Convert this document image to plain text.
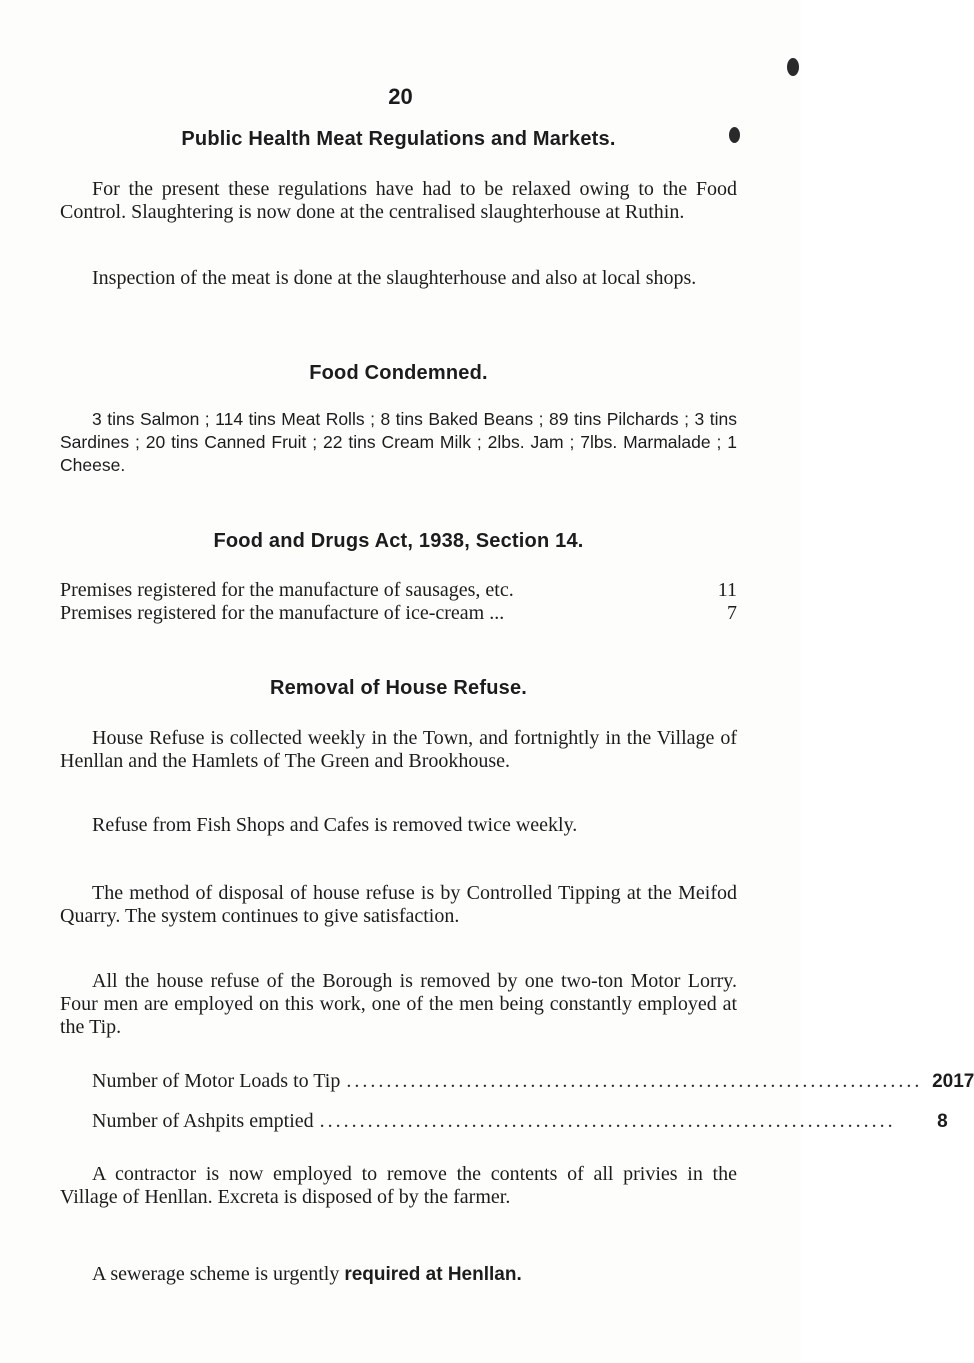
20
Public Health Meat Regulations and Markets.

For the present these regulations have had to be relaxed owing to the Food Control. Slaughtering is now done at the centralised slaughterhouse at Ruthin.

Inspection of the meat is done at the slaughterhouse and also at local shops.

Food Condemned.

3 tins Salmon ; 114 tins Meat Rolls ; 8 tins Baked Beans ; 89 tins Pilchards ; 3 tins Sardines ; 20 tins Canned Fruit ; 22 tins Cream Milk ; 2lbs. Jam ; 7lbs. Marmalade ; 1 Cheese.

Food and Drugs Act, 1938, Section 14.
Premises registered for the manufacture of sausages, etc.	11
Premises registered for the manufacture of ice-cream ...	7
Removal of House Refuse.

House Refuse is collected weekly in the Town, and fortnightly in the Village of Henllan and the Hamlets of The Green and Brookhouse.

Refuse from Fish Shops and Cafes is removed twice weekly.

The method of disposal of house refuse is by Controlled Tipping at the Meifod Quarry. The system continues to give satisfaction.

All the house refuse of the Borough is removed by one two-ton Motor Lorry. Four men are employed on this work, one of the men being constantly employed at the Tip.

Number of Motor Loads to Tip ........................................................................ 2017
Number of Ashpits emptied ........................................................................	8

A contractor is now employed to remove the contents of all privies in the Village of Henllan. Excreta is disposed of by the farmer.

A sewerage scheme is urgently required at Henllan.
